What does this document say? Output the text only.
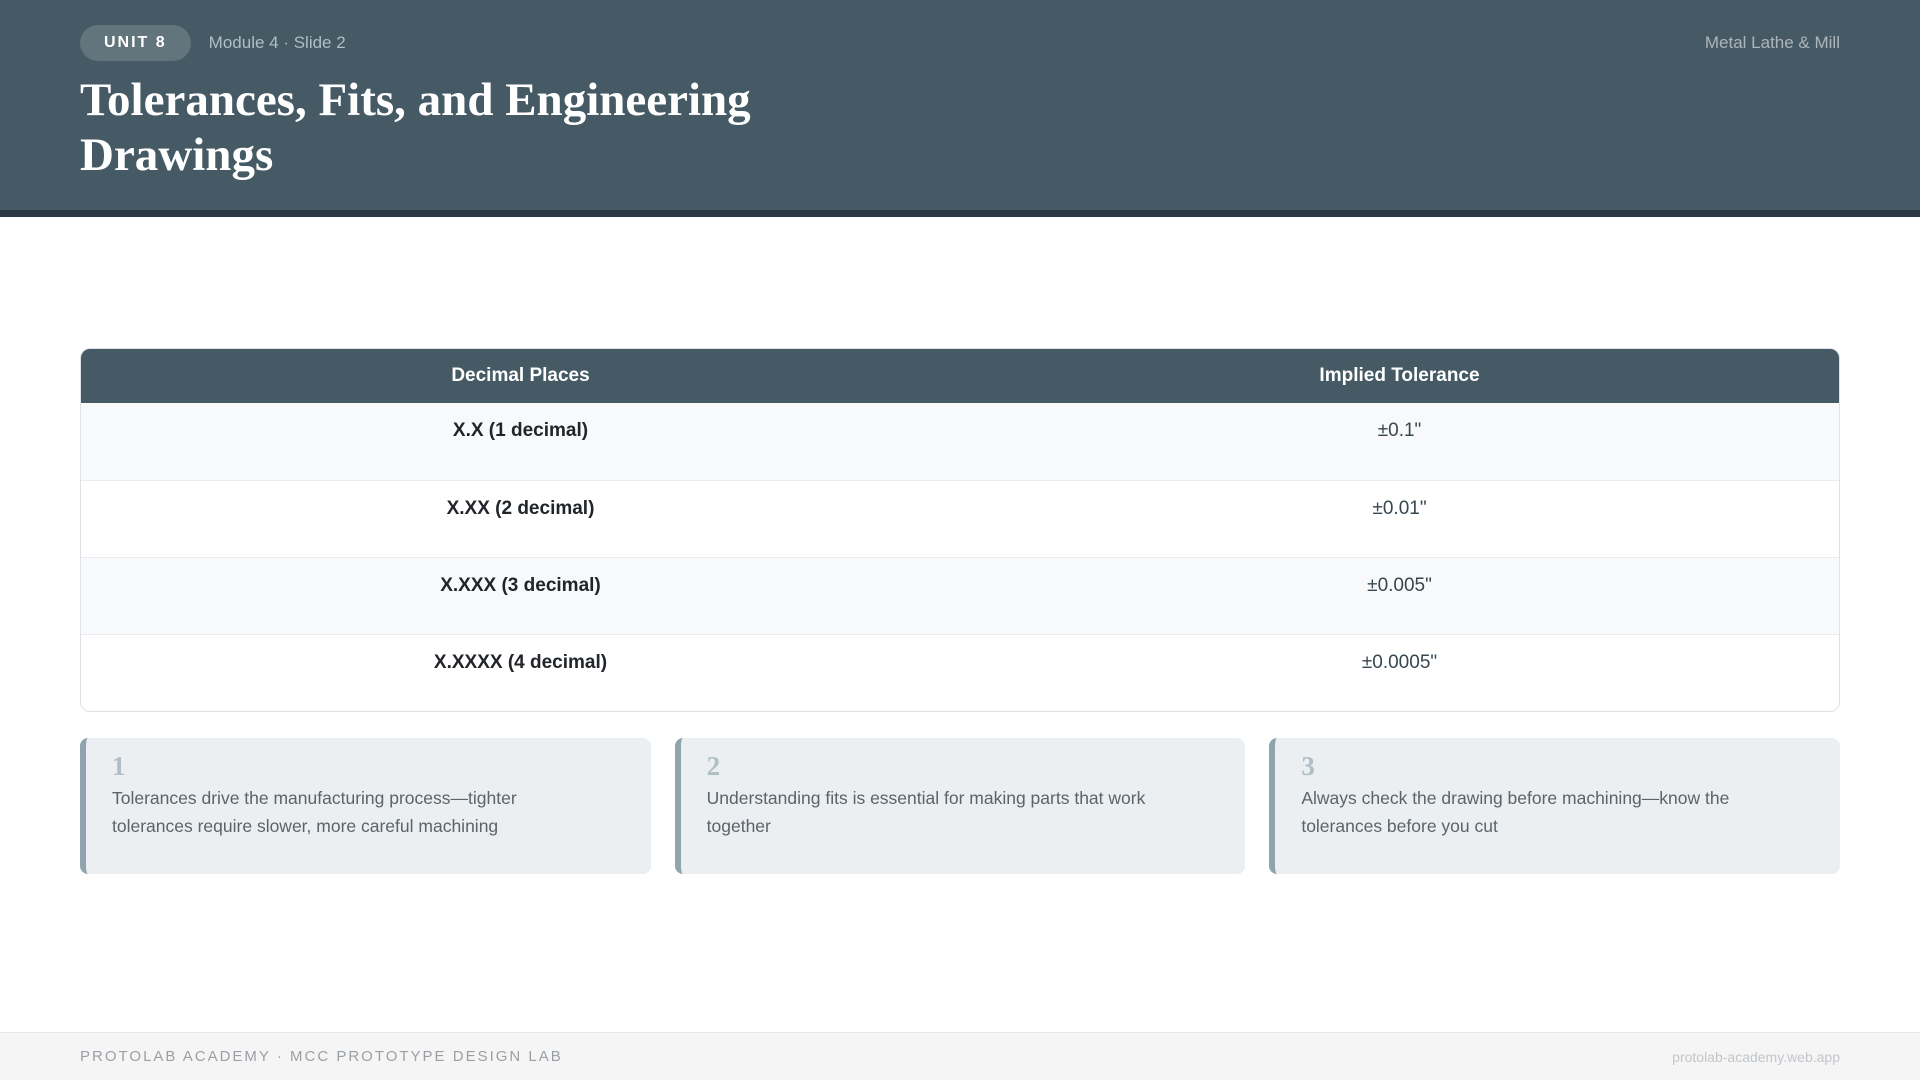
UNIT 8	Module 4 · Slide 2	Metal Lathe & Mill
Tolerances, Fits, and Engineering Drawings
Decimal Places	Implied Tolerance
X.X (1 decimal)	±0.1"
X.XX (2 decimal)	±0.01"
X.XXX (3 decimal)	±0.005"
X.XXXX (4 decimal)	±0.0005"
1

Tolerances drive the manufacturing process—tighter tolerances require slower, more careful machining

2

Understanding fits is essential for making parts that work together

3

Always check the drawing before machining—know the tolerances before you cut

PROTOLAB ACADEMY · MCC PROTOTYPE DESIGN LAB	protolab-academy.web.app
